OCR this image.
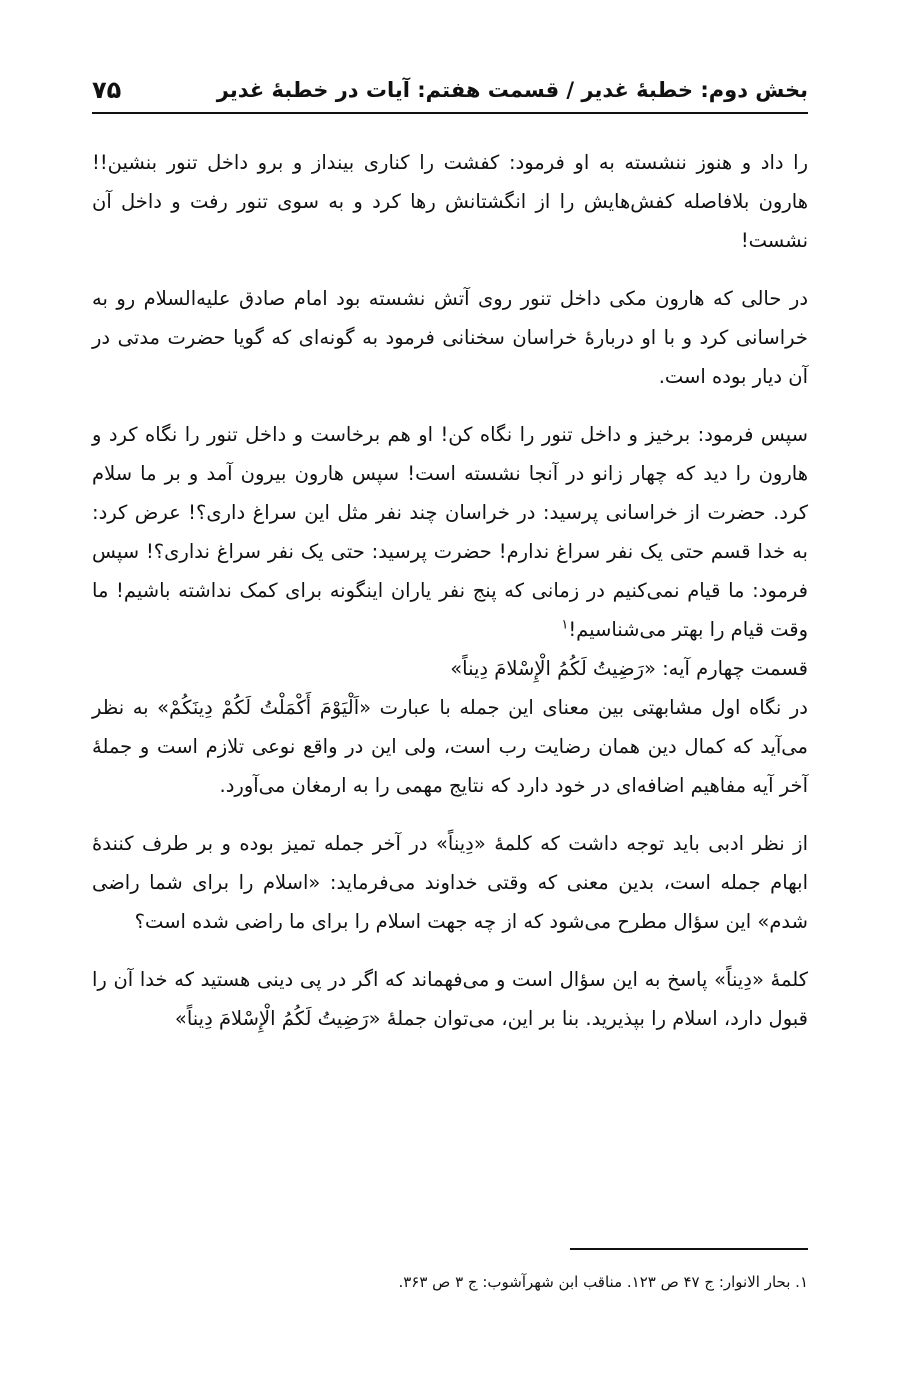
بخش دوم: خطبهٔ غدیر / قسمت هفتم: آیات در خطبهٔ غدیر
۷۵

را داد و هنوز ننشسته به او فرمود: کفشت را کناری بینداز و برو داخل تنور بنشین!! هارون بلافاصله کفش‌هایش را از انگشتانش رها کرد و به سوی تنور رفت و داخل آن نشست!

در حالی که هارون مکی داخل تنور روی آتش نشسته بود امام صادق علیه‌السلام رو به خراسانی کرد و با او دربارهٔ خراسان سخنانی فرمود به گونه‌ای که گویا حضرت مدتی در آن دیار بوده است.

سپس فرمود: برخیز و داخل تنور را نگاه کن! او هم برخاست و داخل تنور را نگاه کرد و هارون را دید که چهار زانو در آنجا نشسته است! سپس هارون بیرون آمد و بر ما سلام کرد. حضرت از خراسانی پرسید: در خراسان چند نفر مثل این سراغ داری؟! عرض کرد: به خدا قسم حتی یک نفر سراغ ندارم! حضرت پرسید: حتی یک نفر سراغ نداری؟! سپس فرمود: ما قیام نمی‌کنیم در زمانی که پنج نفر یاران اینگونه برای کمک نداشته باشیم! ما وقت قیام را بهتر می‌شناسیم!$^۱$

قسمت چهارم آیه: «رَضِیتُ لَکُمُ الْإِسْلامَ دِیناً»

در نگاه اول مشابهتی بین معنای این جمله با عبارت «اَلْیَوْمَ أَکْمَلْتُ لَکُمْ دِینَکُمْ» به نظر می‌آید که کمال دین همان رضایت رب است، ولی این در واقع نوعی تلازم است و جملهٔ آخر آیه مفاهیم اضافه‌ای در خود دارد که نتایج مهمی را به ارمغان می‌آورد.

از نظر ادبی باید توجه داشت که کلمهٔ «دِیناً» در آخر جمله تمیز بوده و بر طرف کنندهٔ ابهام جمله است، بدین معنی که وقتی خداوند می‌فرماید: «اسلام را برای شما راضی شدم» این سؤال مطرح می‌شود که از چه جهت اسلام را برای ما راضی شده است؟

کلمهٔ «دِیناً» پاسخ به این سؤال است و می‌فهماند که اگر در پی دینی هستید که خدا آن را قبول دارد، اسلام را بپذیرید. بنا بر این، می‌توان جملهٔ «رَضِیتُ لَکُمُ الْإِسْلامَ دِیناً»

۱. بحار الانوار: ج ۴۷ ص ۱۲۳. مناقب ابن شهرآشوب: ج ۳ ص ۳۶۳.
